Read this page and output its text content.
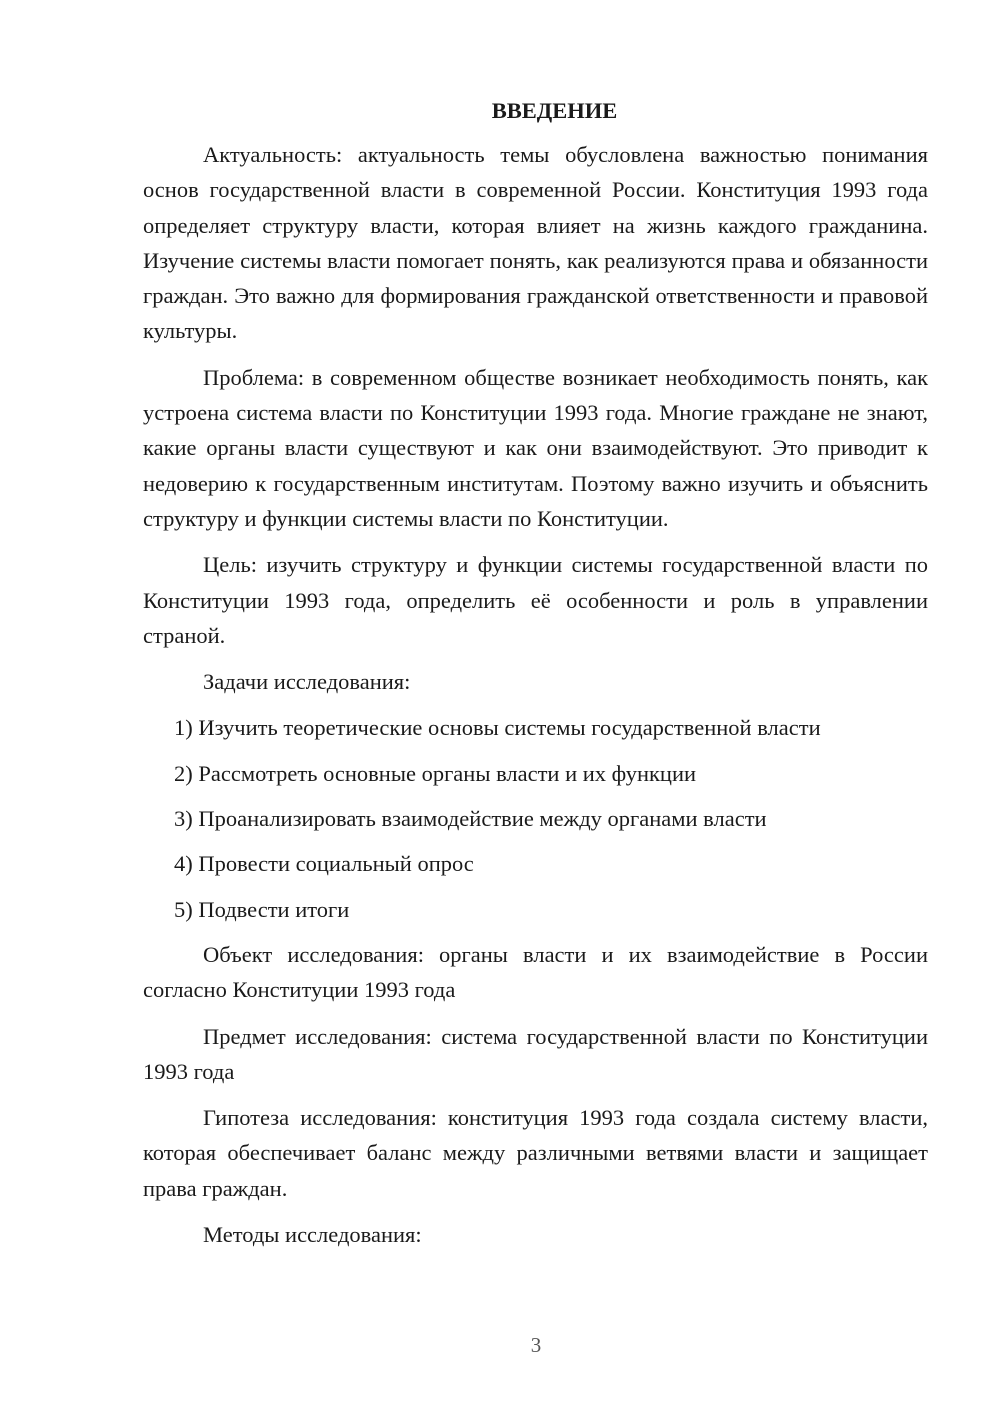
ВВЕДЕНИЕ

Актуальность: актуальность темы обусловлена важностью понимания основ государственной власти в современной России. Конституция 1993 года определяет структуру власти, которая влияет на жизнь каждого гражданина. Изучение системы власти помогает понять, как реализуются права и обязанности граждан. Это важно для формирования гражданской ответственности и правовой культуры.

Проблема: в современном обществе возникает необходимость понять, как устроена система власти по Конституции 1993 года. Многие граждане не знают, какие органы власти существуют и как они взаимодействуют. Это приводит к недоверию к государственным институтам. Поэтому важно изучить и объяснить структуру и функции системы власти по Конституции.

Цель: изучить структуру и функции системы государственной власти по Конституции 1993 года, определить её особенности и роль в управлении страной.

Задачи исследования:

1) Изучить теоретические основы системы государственной власти
2) Рассмотреть основные органы власти и их функции
3) Проанализировать взаимодействие между органами власти
4) Провести социальный опрос
5) Подвести итоги

Объект исследования: органы власти и их взаимодействие в России согласно Конституции 1993 года

Предмет исследования: система государственной власти по Конституции 1993 года

Гипотеза исследования: конституция 1993 года создала систему власти, которая обеспечивает баланс между различными ветвями власти и защищает права граждан.

Методы исследования:

3
